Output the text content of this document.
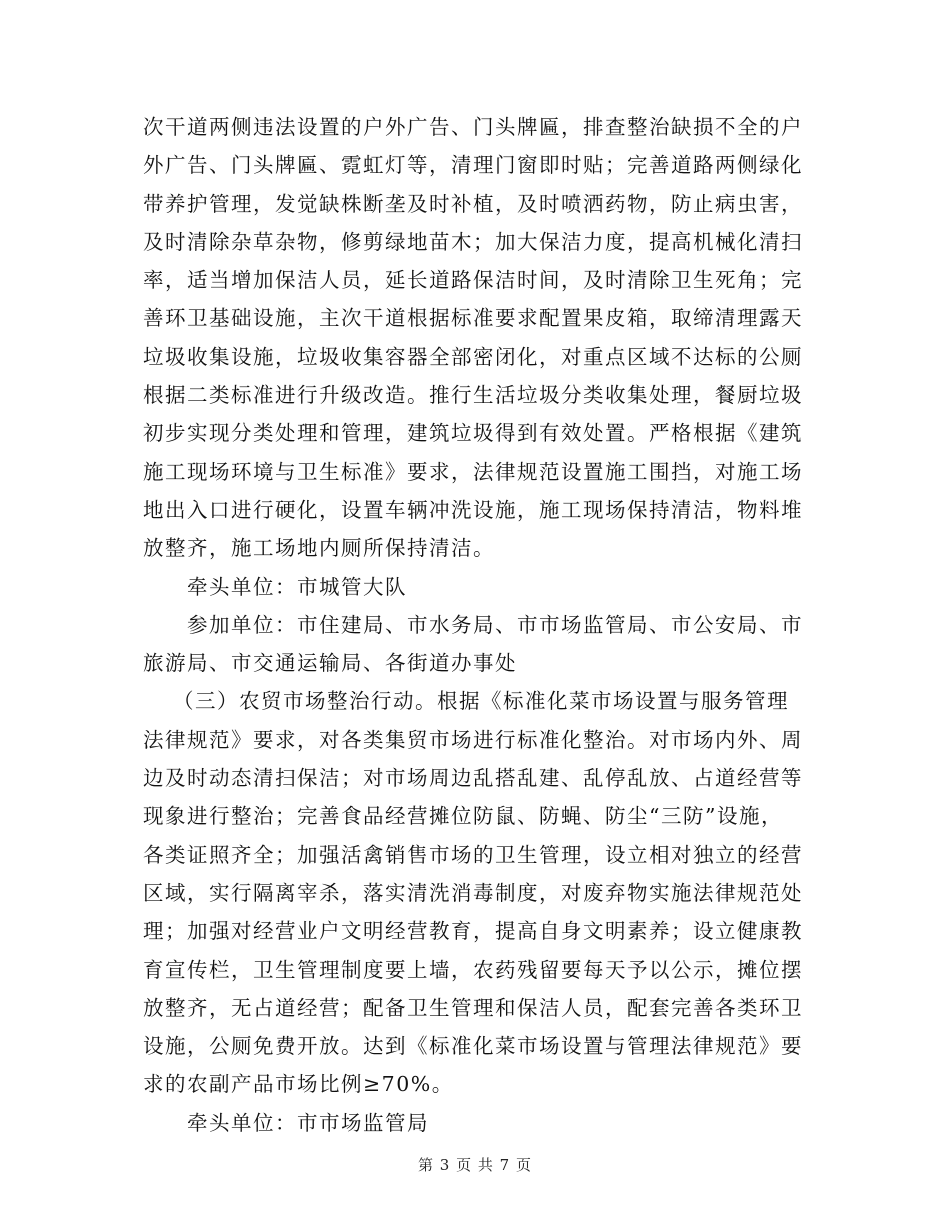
次干道两侧违法设置的户外广告、门头牌匾，排查整治缺损不全的户
外广告、门头牌匾、霓虹灯等，清理门窗即时贴；完善道路两侧绿化
带养护管理，发觉缺株断垄及时补植，及时喷洒药物，防止病虫害，
及时清除杂草杂物，修剪绿地苗木；加大保洁力度，提高机械化清扫
率，适当增加保洁人员，延长道路保洁时间，及时清除卫生死角；完
善环卫基础设施，主次干道根据标准要求配置果皮箱，取缔清理露天
垃圾收集设施，垃圾收集容器全部密闭化，对重点区域不达标的公厕
根据二类标准进行升级改造。推行生活垃圾分类收集处理，餐厨垃圾
初步实现分类处理和管理，建筑垃圾得到有效处置。严格根据《建筑
施工现场环境与卫生标准》要求，法律规范设置施工围挡，对施工场
地出入口进行硬化，设置车辆冲洗设施，施工现场保持清洁，物料堆
放整齐，施工场地内厕所保持清洁。
牵头单位：市城管大队
参加单位：市住建局、市水务局、市市场监管局、市公安局、市
旅游局、市交通运输局、各街道办事处
（三）农贸市场整治行动。根据《标准化菜市场设置与服务管理
法律规范》要求，对各类集贸市场进行标准化整治。对市场内外、周
边及时动态清扫保洁；对市场周边乱搭乱建、乱停乱放、占道经营等
现象进行整治；完善食品经营摊位防鼠、防蝇、防尘“三防”设施，
各类证照齐全；加强活禽销售市场的卫生管理，设立相对独立的经营
区域，实行隔离宰杀，落实清洗消毒制度，对废弃物实施法律规范处
理；加强对经营业户文明经营教育，提高自身文明素养；设立健康教
育宣传栏，卫生管理制度要上墙，农药残留要每天予以公示，摊位摆
放整齐，无占道经营；配备卫生管理和保洁人员，配套完善各类环卫
设施，公厕免费开放。达到《标准化菜市场设置与管理法律规范》要
求的农副产品市场比例≥70%。
牵头单位：市市场监管局
第 3 页 共 7 页
